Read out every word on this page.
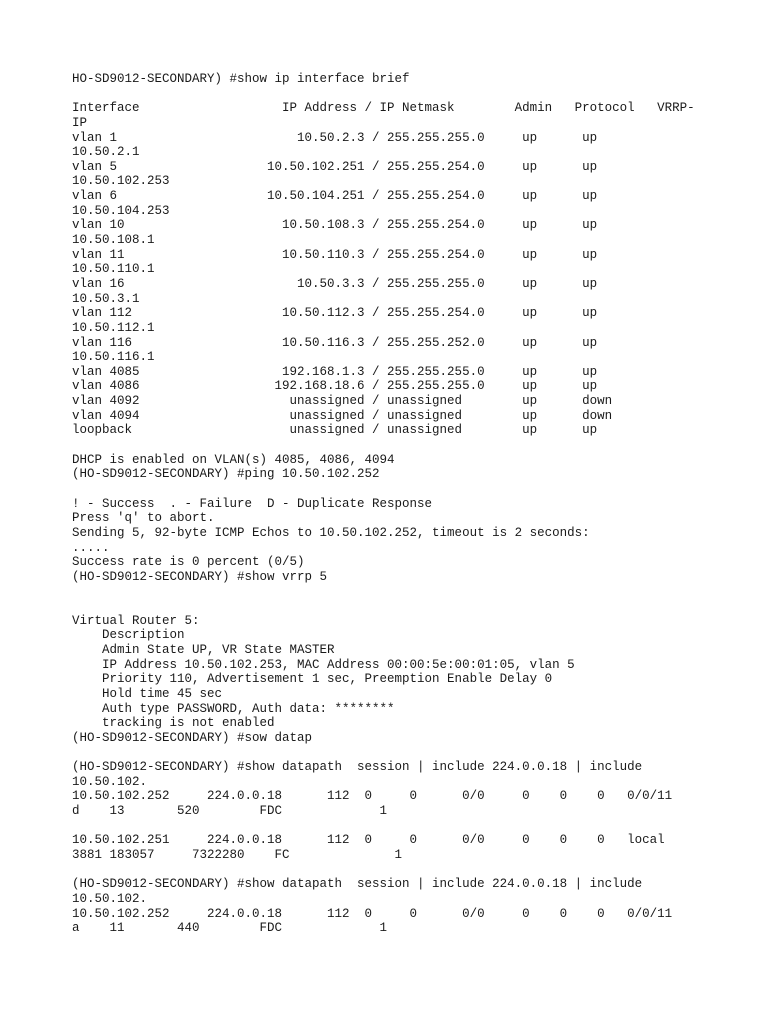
HO-SD9012-SECONDARY) #show ip interface brief
Interface                   IP Address / IP Netmask        Admin   Protocol   VRRP-
IP
vlan 1                        10.50.2.3 / 255.255.255.0     up      up
10.50.2.1
vlan 5                    10.50.102.251 / 255.255.254.0     up      up
10.50.102.253
vlan 6                    10.50.104.251 / 255.255.254.0     up      up
10.50.104.253
vlan 10                     10.50.108.3 / 255.255.254.0     up      up
10.50.108.1
vlan 11                     10.50.110.3 / 255.255.254.0     up      up
10.50.110.1
vlan 16                       10.50.3.3 / 255.255.255.0     up      up
10.50.3.1
vlan 112                    10.50.112.3 / 255.255.254.0     up      up
10.50.112.1
vlan 116                    10.50.116.3 / 255.255.252.0     up      up
10.50.116.1
vlan 4085                   192.168.1.3 / 255.255.255.0     up      up
vlan 4086                  192.168.18.6 / 255.255.255.0     up      up
vlan 4092                    unassigned / unassigned        up      down
vlan 4094                    unassigned / unassigned        up      down
loopback                     unassigned / unassigned        up      up
DHCP is enabled on VLAN(s) 4085, 4086, 4094
(HO-SD9012-SECONDARY) #ping 10.50.102.252
! - Success  . - Failure  D - Duplicate Response
Press 'q' to abort.
Sending 5, 92-byte ICMP Echos to 10.50.102.252, timeout is 2 seconds:
.....
Success rate is 0 percent (0/5)
(HO-SD9012-SECONDARY) #show vrrp 5
Virtual Router 5:
Description
Admin State UP, VR State MASTER
IP Address 10.50.102.253, MAC Address 00:00:5e:00:01:05, vlan 5
Priority 110, Advertisement 1 sec, Preemption Enable Delay 0
Hold time 45 sec
Auth type PASSWORD, Auth data: ********
tracking is not enabled
(HO-SD9012-SECONDARY) #sow datap
(HO-SD9012-SECONDARY) #show datapath  session | include 224.0.0.18 | include
10.50.102.
10.50.102.252     224.0.0.18      112  0     0      0/0     0    0    0   0/0/11
d    13       520        FDC             1
10.50.102.251     224.0.0.18      112  0     0      0/0     0    0    0   local
3881 183057     7322280    FC              1
(HO-SD9012-SECONDARY) #show datapath  session | include 224.0.0.18 | include
10.50.102.
10.50.102.252     224.0.0.18      112  0     0      0/0     0    0    0   0/0/11
a    11       440        FDC             1
